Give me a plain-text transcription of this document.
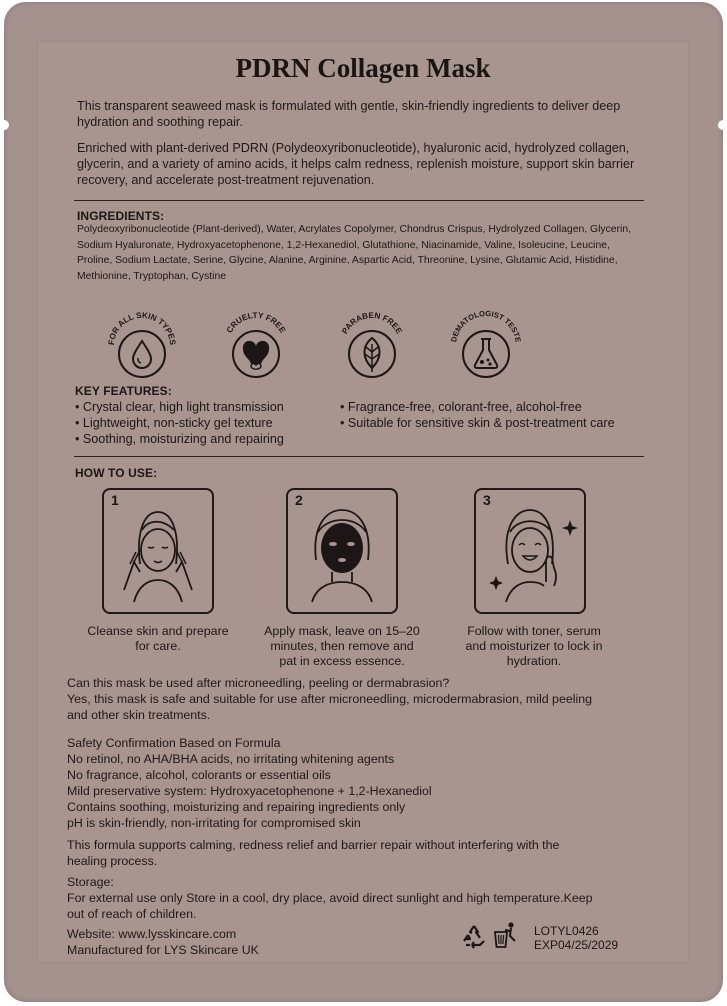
PDRN Collagen Mask
This transparent seaweed mask is formulated with gentle, skin-friendly ingredients to deliver deep hydration and soothing repair.
Enriched with plant-derived PDRN (Polydeoxyribonucleotide), hyaluronic acid, hydrolyzed collagen, glycerin, and a variety of amino acids, it helps calm redness, replenish moisture, support skin barrier recovery, and accelerate post-treatment rejuvenation.
INGREDIENTS:
Polydeoxyribonucleotide (Plant-derived), Water, Acrylates Copolymer, Chondrus Crispus, Hydrolyzed Collagen, Glycerin, Sodium Hyaluronate, Hydroxyacetophenone, 1,2-Hexanediol, Glutathione, Niacinamide, Valine, Isoleucine, Leucine, Proline, Sodium Lactate, Serine, Glycine, Alanine, Arginine, Aspartic Acid, Threonine, Lysine, Glutamic Acid, Histidine, Methionine, Tryptophan, Cystine
FOR ALL SKIN TYPES
CRUELTY FREE	PARABEN FREE
DEMATOLOGIST TESTE
KEY FEATURES:
• Crystal clear, high light transmission
• Lightweight, non-sticky gel texture
• Soothing, moisturizing and repairing
• Fragrance-free, colorant-free, alcohol-free
• Suitable for sensitive skin & post-treatment care
HOW TO USE:
1
Cleanse skin and prepare
for care.
2
Apply mask, leave on 15–20
minutes, then remove and
pat in excess essence.
3
Follow with toner, serum
and moisturizer to lock in
hydration.
Can this mask be used after microneedling, peeling or dermabrasion?
Yes, this mask is safe and suitable for use after microneedling, microdermabrasion, mild peeling
and other skin treatments.
Safety Confirmation Based on Formula
No retinol, no AHA/BHA acids, no irritating whitening agents
No fragrance, alcohol, colorants or essential oils
Mild preservative system: Hydroxyacetophenone + 1,2-Hexanediol
Contains soothing, moisturizing and repairing ingredients only
pH is skin-friendly, non-irritating for compromised skin
This formula supports calming, redness relief and barrier repair without interfering with the
healing process.
Storage:
For external use only Store in a cool, dry place, avoid direct sunlight and high temperature.Keep
out of reach of children.
Website: www.lysskincare.com
Manufactured for LYS Skincare UK
LOTYL0426
EXP04/25/2029
